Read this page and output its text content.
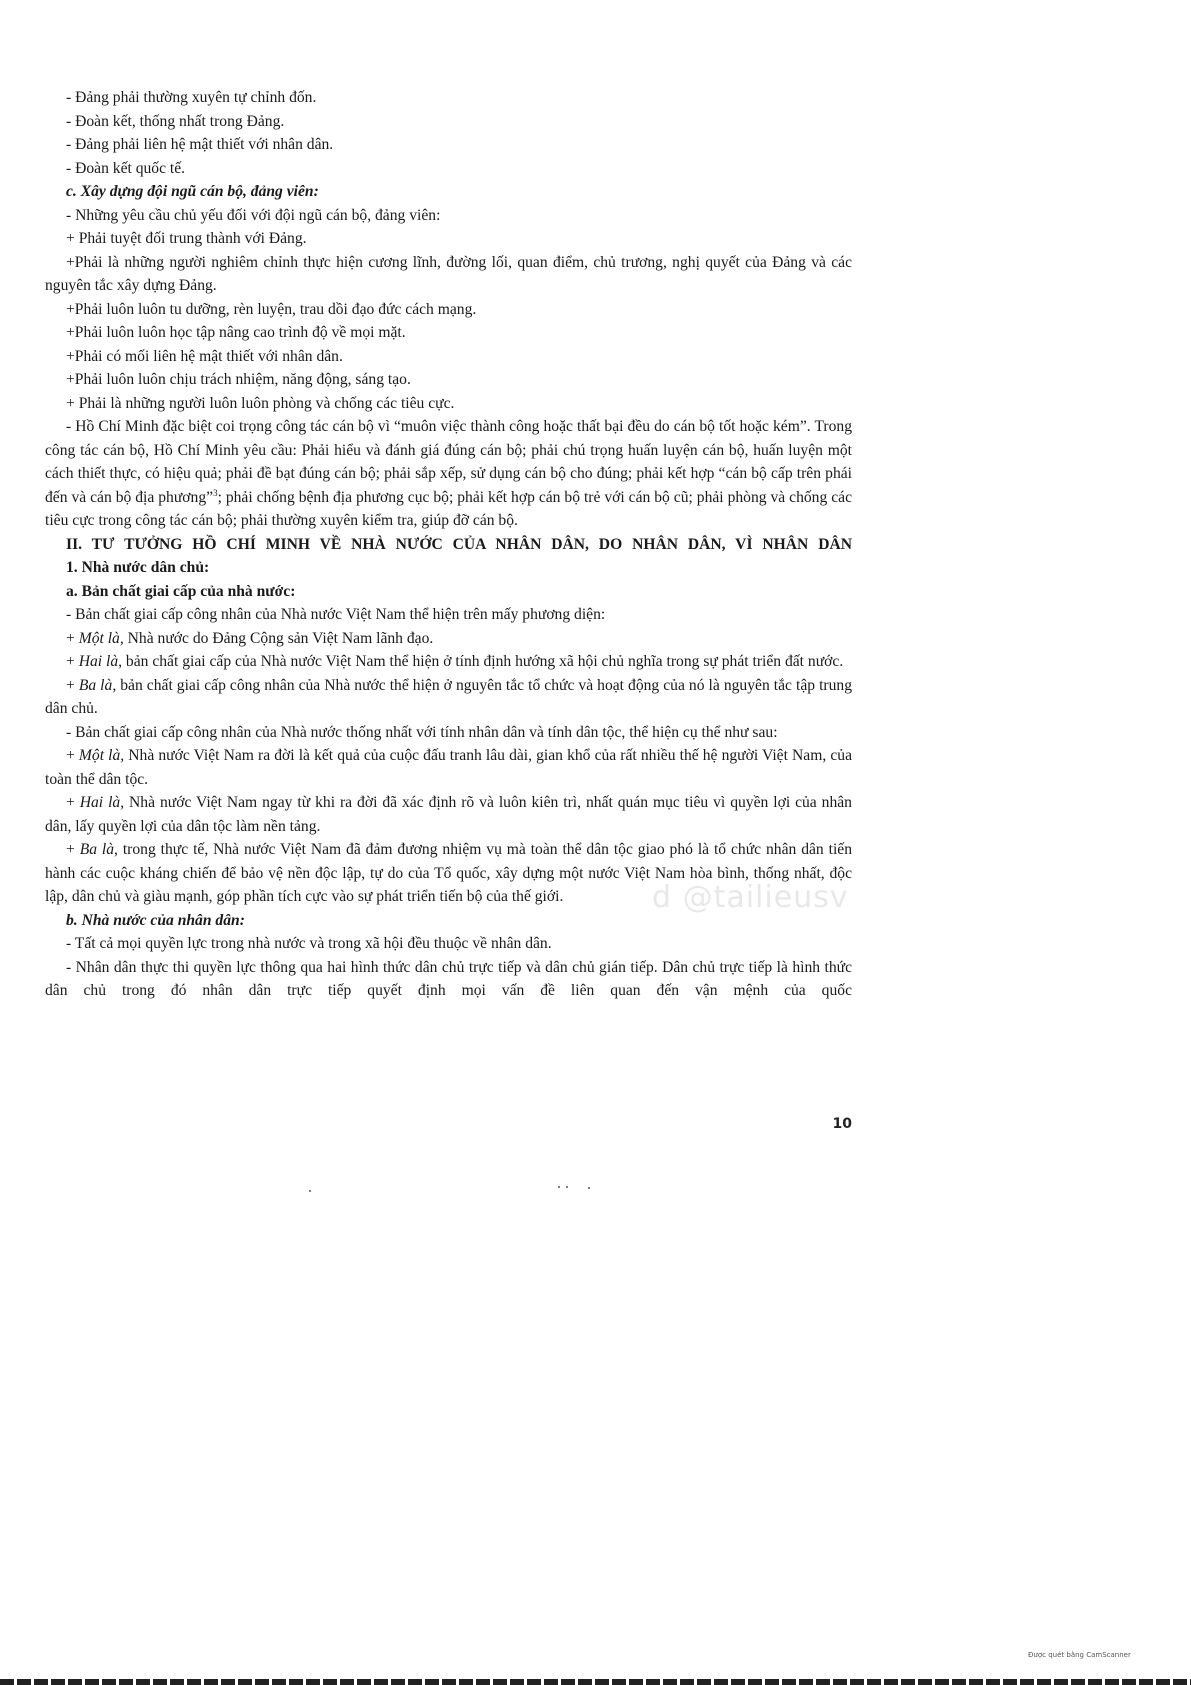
- Đảng phải thường xuyên tự chỉnh đốn.

- Đoàn kết, thống nhất trong Đảng.

- Đảng phải liên hệ mật thiết với nhân dân.

- Đoàn kết quốc tế.

c. Xây dựng đội ngũ cán bộ, đảng viên:

- Những yêu cầu chủ yếu đối với đội ngũ cán bộ, đảng viên:

+ Phải tuyệt đối trung thành với Đảng.

+Phải là những người nghiêm chỉnh thực hiện cương lĩnh, đường lối, quan điểm, chủ trương, nghị quyết của Đảng và các nguyên tắc xây dựng Đảng.

+Phải luôn luôn tu dưỡng, rèn luyện, trau dồi đạo đức cách mạng.

+Phải luôn luôn học tập nâng cao trình độ về mọi mặt.

+Phải có mối liên hệ mật thiết với nhân dân.

+Phải luôn luôn chịu trách nhiệm, năng động, sáng tạo.

+ Phải là những người luôn luôn phòng và chống các tiêu cực.

- Hồ Chí Minh đặc biệt coi trọng công tác cán bộ vì “muôn việc thành công hoặc thất bại đều do cán bộ tốt hoặc kém”. Trong công tác cán bộ, Hồ Chí Minh yêu cầu: Phải hiểu và đánh giá đúng cán bộ; phải chú trọng huấn luyện cán bộ, huấn luyện một cách thiết thực, có hiệu quả; phải đề bạt đúng cán bộ; phải sắp xếp, sử dụng cán bộ cho đúng; phải kết hợp “cán bộ cấp trên phái đến và cán bộ địa phương”$^3$; phải chống bệnh địa phương cục bộ; phải kết hợp cán bộ trẻ với cán bộ cũ; phải phòng và chống các tiêu cực trong công tác cán bộ; phải thường xuyên kiểm tra, giúp đỡ cán bộ.

II. TƯ TƯỞNG HỒ CHÍ MINH VỀ NHÀ NƯỚC CỦA NHÂN DÂN, DO NHÂN DÂN, VÌ NHÂN DÂN

1. Nhà nước dân chủ:

a. Bản chất giai cấp của nhà nước:

- Bản chất giai cấp công nhân của Nhà nước Việt Nam thể hiện trên mấy phương diện:

+ Một là, Nhà nước do Đảng Cộng sản Việt Nam lãnh đạo.

+ Hai là, bản chất giai cấp của Nhà nước Việt Nam thể hiện ở tính định hướng xã hội chủ nghĩa trong sự phát triển đất nước.

+ Ba là, bản chất giai cấp công nhân của Nhà nước thể hiện ở nguyên tắc tổ chức và hoạt động của nó là nguyên tắc tập trung dân chủ.

- Bản chất giai cấp công nhân của Nhà nước thống nhất với tính nhân dân và tính dân tộc, thể hiện cụ thể như sau:

+ Một là, Nhà nước Việt Nam ra đời là kết quả của cuộc đấu tranh lâu dài, gian khổ của rất nhiều thế hệ người Việt Nam, của toàn thể dân tộc.

+ Hai là, Nhà nước Việt Nam ngay từ khi ra đời đã xác định rõ và luôn kiên trì, nhất quán mục tiêu vì quyền lợi của nhân dân, lấy quyền lợi của dân tộc làm nền tảng.

+ Ba là, trong thực tế, Nhà nước Việt Nam đã đảm đương nhiệm vụ mà toàn thể dân tộc giao phó là tổ chức nhân dân tiến hành các cuộc kháng chiến để bảo vệ nền độc lập, tự do của Tổ quốc, xây dựng một nước Việt Nam hòa bình, thống nhất, độc lập, dân chủ và giàu mạnh, góp phần tích cực vào sự phát triển tiến bộ của thế giới.

b. Nhà nước của nhân dân:

- Tất cả mọi quyền lực trong nhà nước và trong xã hội đều thuộc về nhân dân.

- Nhân dân thực thi quyền lực thông qua hai hình thức dân chủ trực tiếp và dân chủ gián tiếp. Dân chủ trực tiếp là hình thức dân chủ trong đó nhân dân trực tiếp quyết định mọi vấn đề liên quan đến vận mệnh của quốc

d @tailieusv
10
Được quét bằng CamScanner
